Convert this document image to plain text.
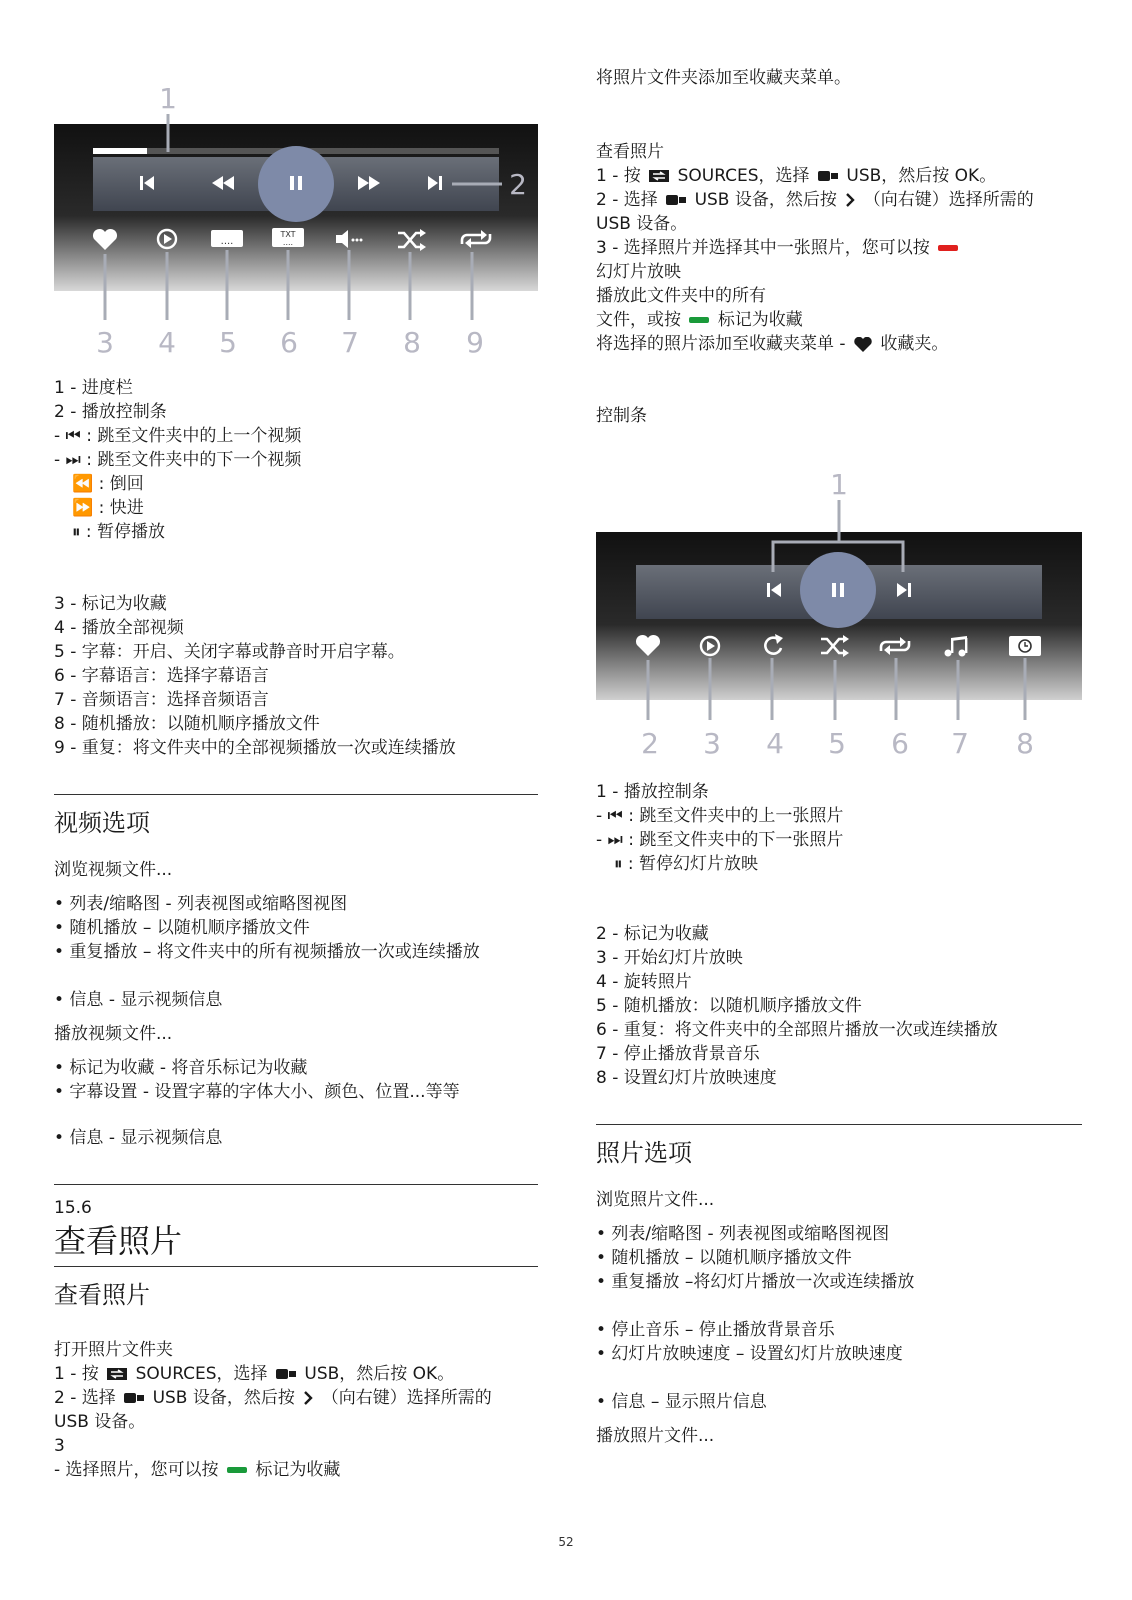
....
TXT
....
1
2
3 4 5 6 7 8 9
1 - 进度栏
2 - 播放控制条
- ⏮ : 跳至文件夹中的上一个视频
- ⏭ : 跳至文件夹中的下一个视频
⏪ : 倒回
⏩ : 快进
⏸ : 暂停播放
3 - 标记为收藏
4 - 播放全部视频
5 - 字幕：开启、关闭字幕或静音时开启字幕。
6 - 字幕语言：选择字幕语言
7 - 音频语言：选择音频语言
8 - 随机播放：以随机顺序播放文件
9 - 重复：将文件夹中的全部视频播放一次或连续播放
视频选项
浏览视频文件...
• 列表/缩略图 - 列表视图或缩略图视图
• 随机播放 – 以随机顺序播放文件
• 重复播放 – 将文件夹中的所有视频播放一次或连续播放
• 信息 - 显示视频信息
播放视频文件...
• 标记为收藏 - 将音乐标记为收藏
• 字幕设置 - 设置字幕的字体大小、颜色、位置...等等
• 信息 - 显示视频信息
15.6
查看照片
查看照片
打开照片文件夹
1 - 按 SOURCES，选择 USB，然后按 OK。
2 - 选择 USB 设备，然后按 （向右键）选择所需的
USB 设备。
3
- 选择照片，您可以按 标记为收藏
将照片文件夹添加至收藏夹菜单。
查看照片
1 - 按 SOURCES，选择 USB，然后按 OK。
2 - 选择 USB 设备，然后按 （向右键）选择所需的
USB 设备。
3 - 选择照片并选择其中一张照片，您可以按
幻灯片放映
播放此文件夹中的所有
文件，或按 标记为收藏
将选择的照片添加至收藏夹菜单 - 收藏夹。
控制条
1
2 3 4 5 6 7 8
1 - 播放控制条
- ⏮ : 跳至文件夹中的上一张照片
- ⏭ : 跳至文件夹中的下一张照片
⏸ : 暂停幻灯片放映
2 - 标记为收藏
3 - 开始幻灯片放映
4 - 旋转照片
5 - 随机播放：以随机顺序播放文件
6 - 重复：将文件夹中的全部照片播放一次或连续播放
7 - 停止播放背景音乐
8 - 设置幻灯片放映速度
照片选项
浏览照片文件...
• 列表/缩略图 - 列表视图或缩略图视图
• 随机播放 – 以随机顺序播放文件
• 重复播放 –将幻灯片播放一次或连续播放
• 停止音乐 – 停止播放背景音乐
• 幻灯片放映速度 – 设置幻灯片放映速度
• 信息 – 显示照片信息
播放照片文件...
52
